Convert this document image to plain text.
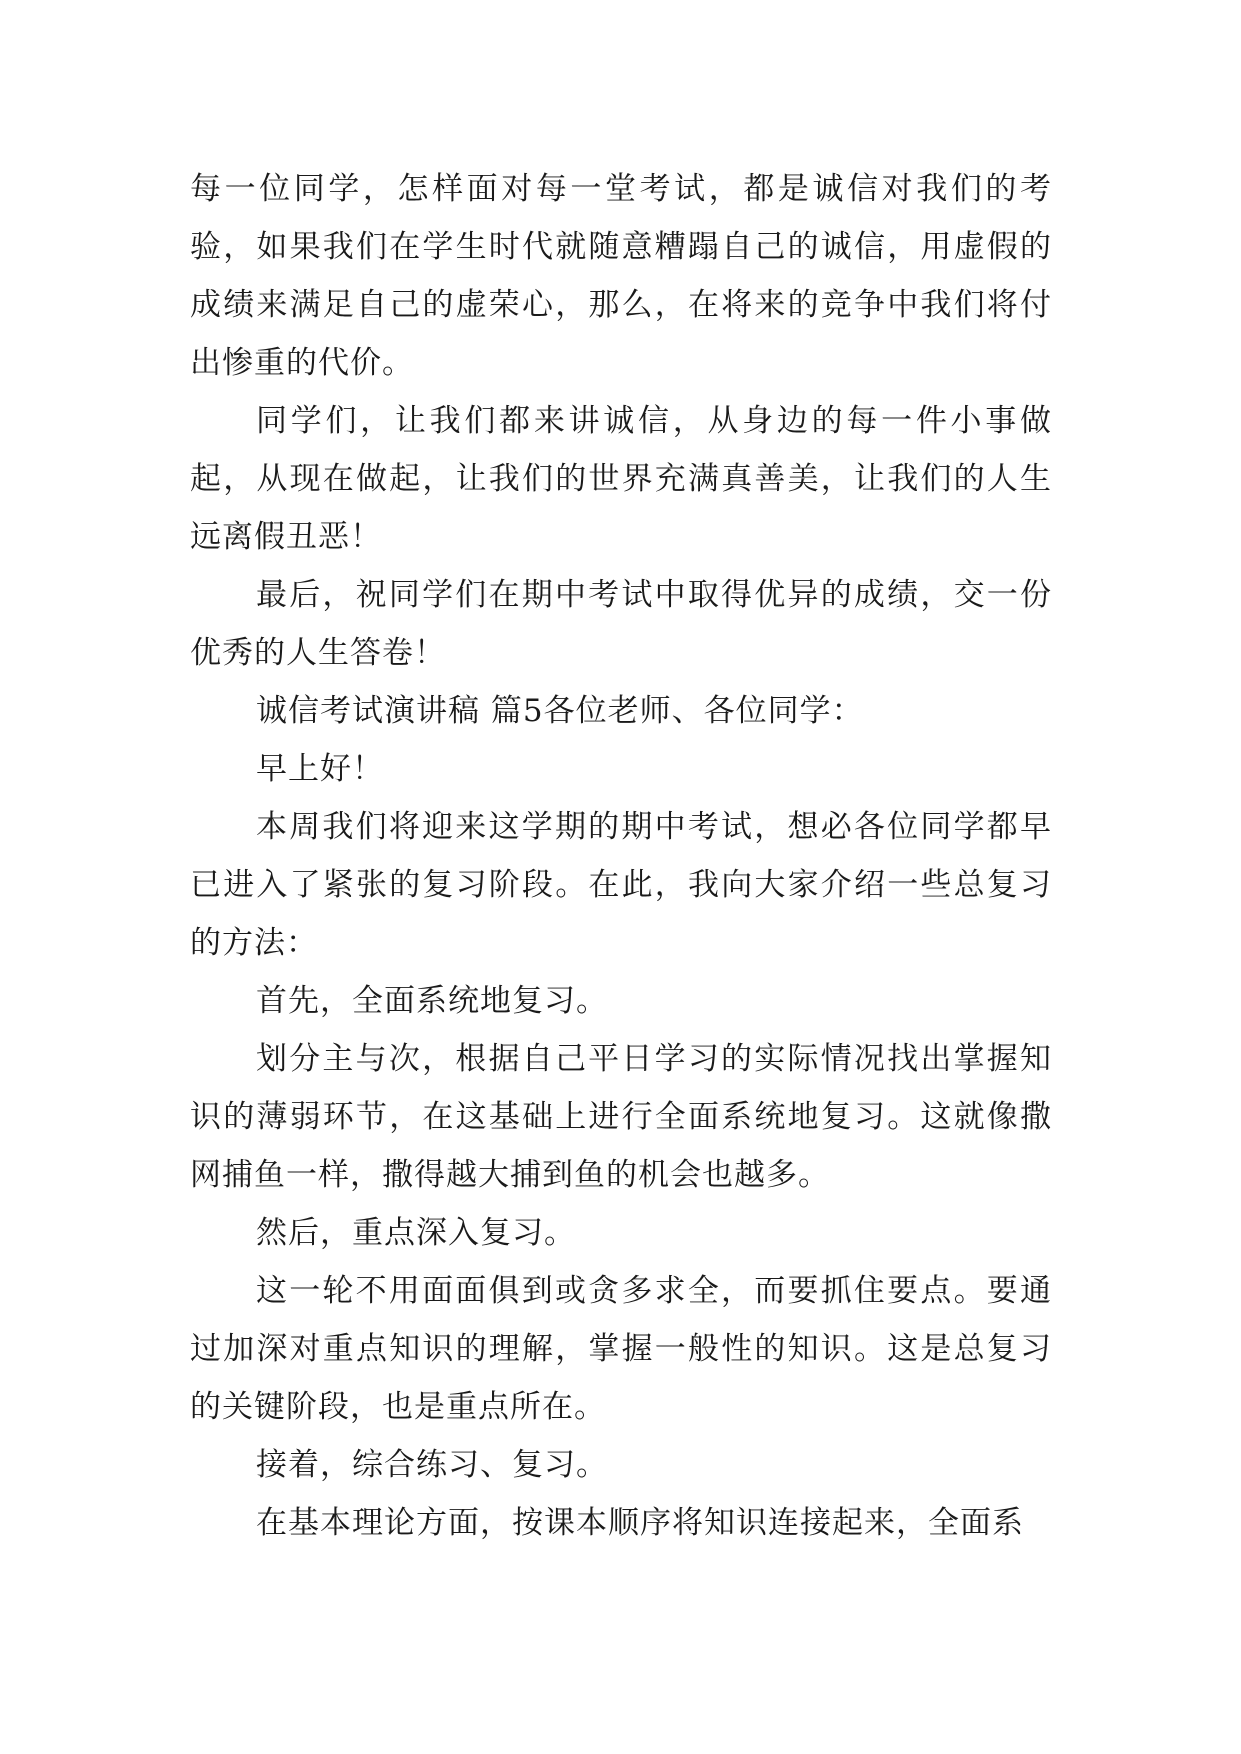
每一位同学，怎样面对每一堂考试，都是诚信对我们的考验，如果我们在学生时代就随意糟蹋自己的诚信，用虚假的成绩来满足自己的虚荣心，那么，在将来的竞争中我们将付出惨重的代价。

同学们，让我们都来讲诚信，从身边的每一件小事做起，从现在做起，让我们的世界充满真善美，让我们的人生远离假丑恶！

最后，祝同学们在期中考试中取得优异的成绩，交一份优秀的人生答卷！

诚信考试演讲稿 篇5各位老师、各位同学：

早上好！

本周我们将迎来这学期的期中考试，想必各位同学都早已进入了紧张的复习阶段。在此，我向大家介绍一些总复习的方法：

首先，全面系统地复习。

划分主与次，根据自己平日学习的实际情况找出掌握知识的薄弱环节，在这基础上进行全面系统地复习。这就像撒网捕鱼一样，撒得越大捕到鱼的机会也越多。

然后，重点深入复习。

这一轮不用面面俱到或贪多求全，而要抓住要点。要通过加深对重点知识的理解，掌握一般性的知识。这是总复习的关键阶段，也是重点所在。

接着，综合练习、复习。

在基本理论方面，按课本顺序将知识连接起来，全面系
